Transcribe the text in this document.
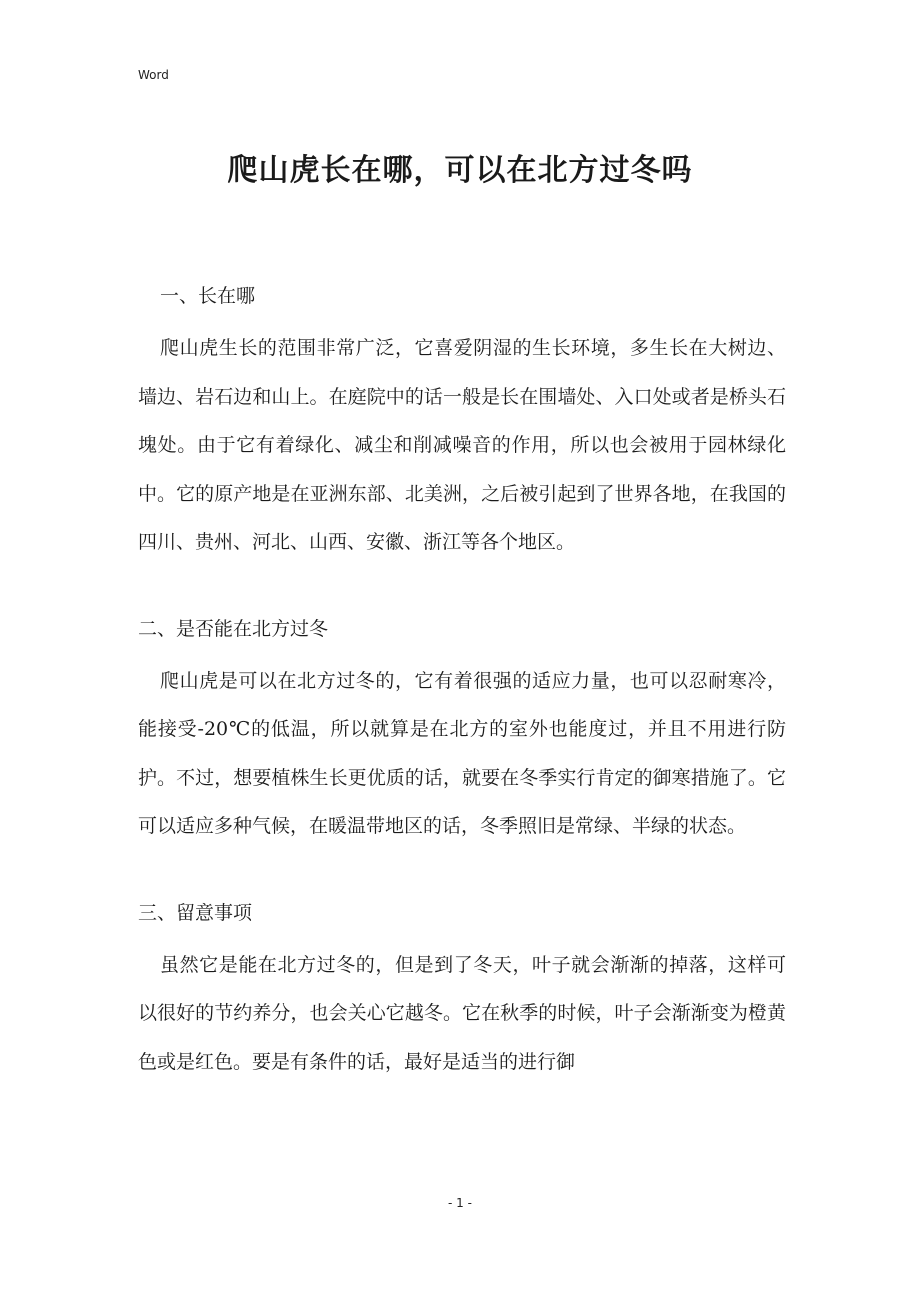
Word
爬山虎长在哪，可以在北方过冬吗

一、长在哪

爬山虎生长的范围非常广泛，它喜爱阴湿的生长环境，多生长在大树边、墙边、岩石边和山上。在庭院中的话一般是长在围墙处、入口处或者是桥头石塊处。由于它有着绿化、减尘和削减噪音的作用，所以也会被用于园林绿化中。它的原产地是在亚洲东部、北美洲，之后被引起到了世界各地，在我国的四川、贵州、河北、山西、安徽、浙江等各个地区。

二、是否能在北方过冬

爬山虎是可以在北方过冬的，它有着很强的适应力量，也可以忍耐寒冷，能接受-20℃的低温，所以就算是在北方的室外也能度过，并且不用进行防护。不过，想要植株生长更优质的话，就要在冬季实行肯定的御寒措施了。它可以适应多种气候，在暖温带地区的话，冬季照旧是常绿、半绿的状态。

三、留意事项

虽然它是能在北方过冬的，但是到了冬天，叶子就会渐渐的掉落，这样可以很好的节约养分，也会关心它越冬。它在秋季的时候，叶子会渐渐变为橙黄色或是红色。要是有条件的话，最好是适当的进行御

- 1 -
